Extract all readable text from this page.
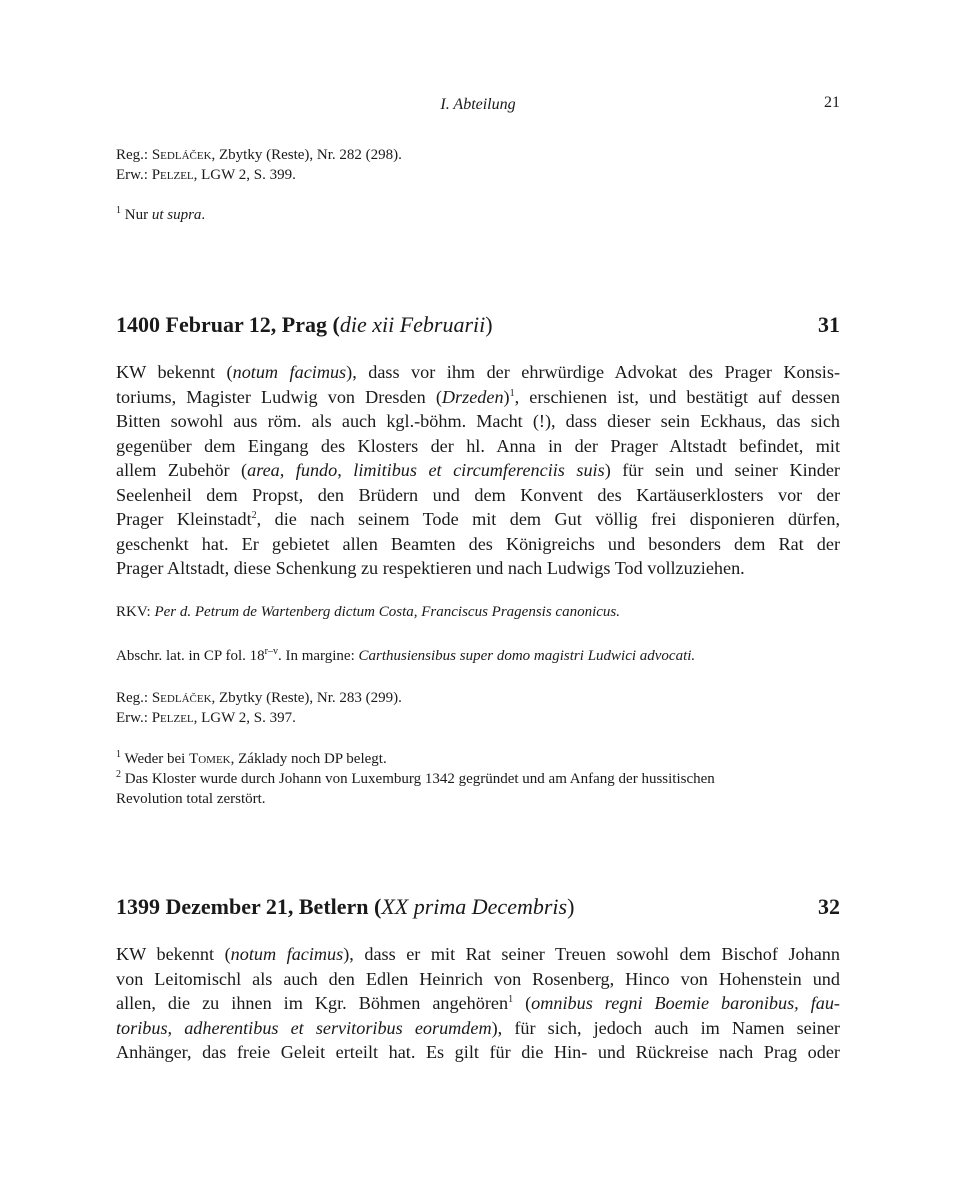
I. Abteilung	21

Reg.: Sedláček, Zbytky (Reste), Nr. 282 (298).

Erw.: Pelzel, LGW 2, S. 399.

$^1$ Nur ut supra.

1400 Februar 12, Prag (die xii Februarii)	31
KW bekennt (notum facimus), dass vor ihm der ehrwürdige Advokat des Prager Konsis-
toriums, Magister Ludwig von Dresden (Drzeden)$^1$, erschienen ist, und bestätigt auf dessen
Bitten sowohl aus röm. als auch kgl.-böhm. Macht (!), dass dieser sein Eckhaus, das sich
gegenüber dem Eingang des Klosters der hl. Anna in der Prager Altstadt befindet, mit
allem Zubehör (area, fundo, limitibus et circumferenciis suis) für sein und seiner Kinder
Seelenheil dem Propst, den Brüdern und dem Konvent des Kartäuserklosters vor der
Prager Kleinstadt$^2$, die nach seinem Tode mit dem Gut völlig frei disponieren dürfen,
geschenkt hat. Er gebietet allen Beamten des Königreichs und besonders dem Rat der
Prager Altstadt, diese Schenkung zu respektieren und nach Ludwigs Tod vollzuziehen.

RKV: Per d. Petrum de Wartenberg dictum Costa, Franciscus Pragensis canonicus.

Abschr. lat. in CP fol. 18$^{r-v}$. In margine: Carthusiensibus super domo magistri Ludwici advocati.

Reg.: Sedláček, Zbytky (Reste), Nr. 283 (299).

Erw.: Pelzel, LGW 2, S. 397.

$^1$ Weder bei Tomek, Základy noch DP belegt.

$^2$ Das Kloster wurde durch Johann von Luxemburg 1342 gegründet und am Anfang der hussitischen
Revolution total zerstört.

1399 Dezember 21, Betlern (XX prima Decembris)	32
KW bekennt (notum facimus), dass er mit Rat seiner Treuen sowohl dem Bischof Johann
von Leitomischl als auch den Edlen Heinrich von Rosenberg, Hinco von Hohenstein und
allen, die zu ihnen im Kgr. Böhmen angehören$^1$ (omnibus regni Boemie baronibus, fau-
toribus, adherentibus et servitoribus eorumdem), für sich, jedoch auch im Namen seiner
Anhänger, das freie Geleit erteilt hat. Es gilt für die Hin- und Rückreise nach Prag oder
